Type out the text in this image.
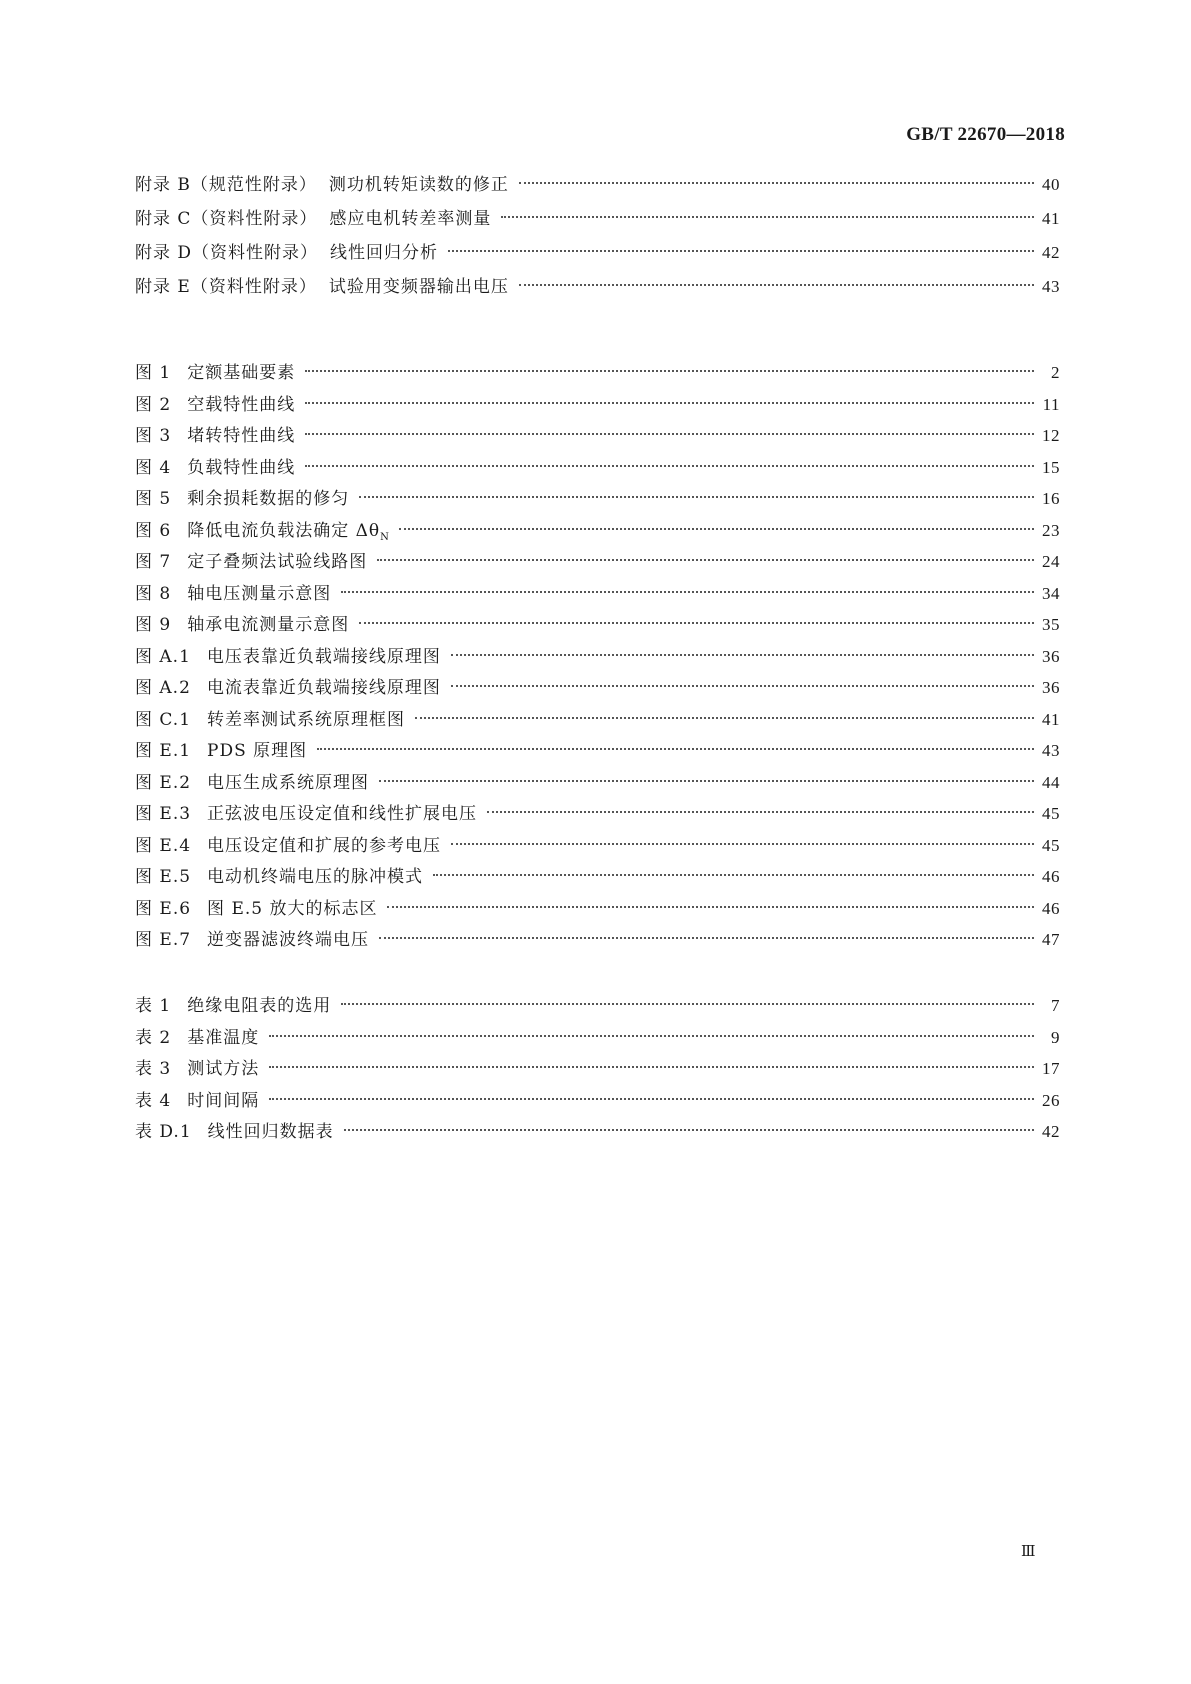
GB/T 22670—2018
附录 B（规范性附录） 测功机转矩读数的修正	40
附录 C（资料性附录） 感应电机转差率测量	41
附录 D（资料性附录） 线性回归分析	42
附录 E（资料性附录） 试验用变频器输出电压	43
图 1 定额基础要素	2
图 2 空载特性曲线	11
图 3 堵转特性曲线	12
图 4 负载特性曲线	15
图 5 剩余损耗数据的修匀	16
图 6 降低电流负载法确定 $\Delta\theta_N$	23
图 7 定子叠频法试验线路图	24
图 8 轴电压测量示意图	34
图 9 轴承电流测量示意图	35
图 A.1 电压表靠近负载端接线原理图	36
图 A.2 电流表靠近负载端接线原理图	36
图 C.1 转差率测试系统原理框图	41
图 E.1 PDS 原理图	43
图 E.2 电压生成系统原理图	44
图 E.3 正弦波电压设定值和线性扩展电压	45
图 E.4 电压设定值和扩展的参考电压	45
图 E.5 电动机终端电压的脉冲模式	46
图 E.6 图 E.5 放大的标志区	46
图 E.7 逆变器滤波终端电压	47
表 1 绝缘电阻表的选用	7
表 2 基准温度	9
表 3 测试方法	17
表 4 时间间隔	26
表 D.1 线性回归数据表	42
Ⅲ
